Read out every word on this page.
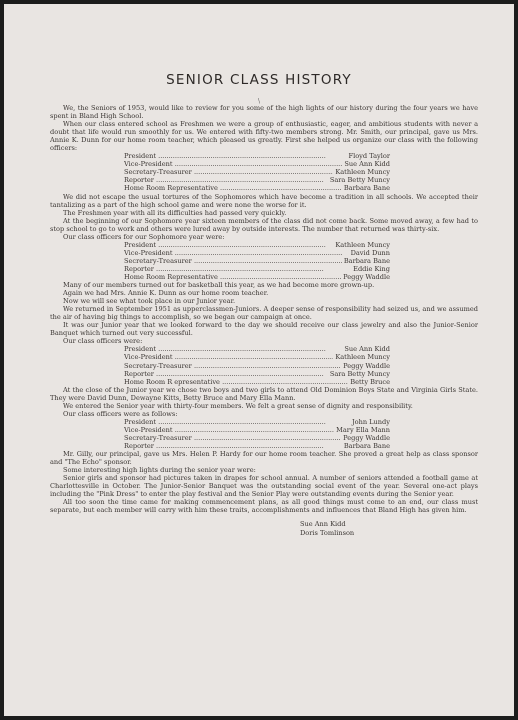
SENIOR CLASS HISTORY
\

We, the Seniors of 1953, would like to review for you some of the high lights of our history during the four years we have spent in Bland High School.

When our class entered school as Freshmen we were a group of enthusiastic, eager, and ambitious students with never a doubt that life would run smoothly for us. We entered with fifty-two members strong. Mr. Smith, our principal, gave us Mrs. Annie K. Dunn for our home room teacher, which pleased us greatly. First she helped us organize our class with the following officers:

President .....	Floyd Taylor
Vice-President .....	Sue Ann Kidd
Secretary-Treasurer .....	Kathleen Muncy
Reporter .....	Sara Betty Muncy
Home Room Representative .....	Barbara Bane

We did not escape the usual tortures of the Sophomores which have become a tradition in all schools. We accepted their tantalizing as a part of the high school game and were none the worse for it.

The Freshmen year with all its difficulties had passed very quickly.

At the beginning of our Sophomore year sixteen members of the class did not come back. Some moved away, a few had to stop school to go to work and others were lured away by outside interests. The number that returned was thirty-six.

Our class officers for our Sophomore year were:

President .....	Kathleen Muncy
Vice-President .....	David Dunn
Secretary-Treasurer .....	Barbara Bane
Reporter .....	Eddie King
Home Room Representative .....	Peggy Waddle

Many of our members turned out for basketball this year, as we had become more grown-up.

Again we had Mrs. Annie K. Dunn as our home room teacher.

Now we will see what took place in our Junior year.

We returned in September 1951 as upperclassmen-Juniors. A deeper sense of responsibility had seized us, and we assumed the air of having big things to accomplish, so we began our campaign at once.

It was our Junior year that we looked forward to the day we should receive our class jewelry and also the Junior-Senior Banquet which turned out very successful.

Our class officers were:

President .....	Sue Ann Kidd
Vice-President .....	Kathleen Muncy
Secretary-Treasurer .....	Peggy Waddle
Reporter .....	Sara Betty Muncy
Home Room R epresentative .....	Betty Bruce

At the close of the Junior year we chose two boys and two girls to attend Old Dominion Boys State and Virginia Girls State. They were David Dunn, Dewayne Kitts, Betty Bruce and Mary Ella Mann.

We entered the Senior year with thirty-four members. We felt a great sense of dignity and responsibility.

Our class officers were as follows:

President .....	John Lundy
Vice-President .....	Mary Ella Mann
Secretary-Treasurer .....	Peggy Waddle
Reporter .....	Barbara Bane

Mr. Gilly, our principal, gave us Mrs. Helen P. Hardy for our home room teacher. She proved a great help as class sponsor and "The Echo" sponsor.

Some interesting high lights during the senior year were:

Senior girls and sponsor had pictures taken in drapes for school annual. A number of seniors attended a football game at Charlottesville in October. The Junior-Senior Banquet was the outstanding social event of the year. Several one-act plays including the "Pink Dress" to enter the play festival and the Senior Play were outstanding events during the Senior year.

All too soon the time came for making commencement plans, as all good things must come to an end, our class must separate, but each member will carry with him these traits, accomplishments and influences that Bland High has given him.

Sue Ann Kidd
Doris Tomlinson
